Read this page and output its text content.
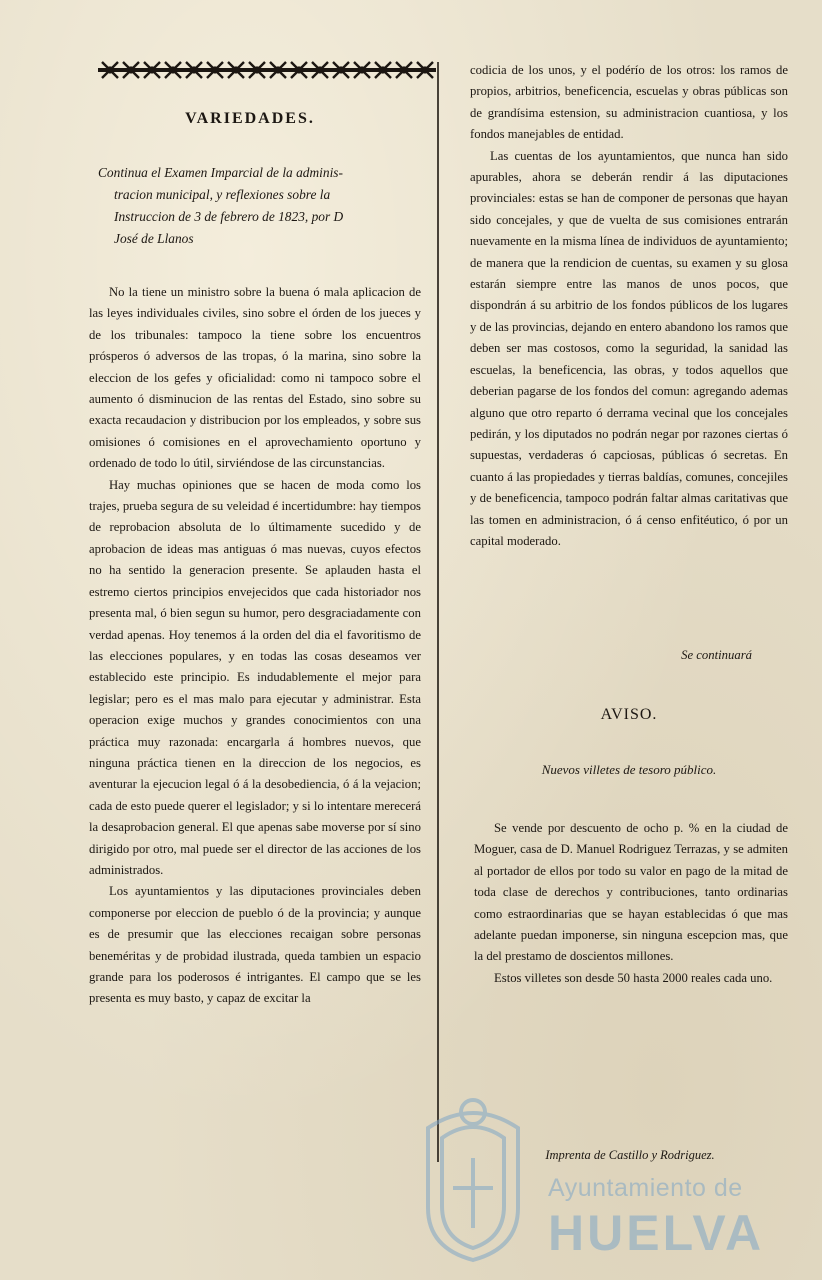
VARIEDADES.
Continua el Examen Imparcial de la adminis-
tracion municipal, y reflexiones sobre la
Instruccion de 3 de febrero de 1823, por D
José de Llanos

No la tiene un ministro sobre la buena ó mala aplicacion de las leyes individuales civiles, sino sobre el órden de los jueces y de los tribunales: tampoco la tiene sobre los encuentros prósperos ó adversos de las tropas, ó la marina, sino sobre la eleccion de los gefes y oficialidad: como ni tampoco sobre el aumento ó disminucion de las rentas del Estado, sino sobre su exacta recaudacion y distribucion por los empleados, y sobre sus omisiones ó comisiones en el aprovechamiento oportuno y ordenado de todo lo útil, sirviéndose de las circunstancias.

Hay muchas opiniones que se hacen de moda como los trajes, prueba segura de su veleidad é incertidumbre: hay tiempos de reprobacion absoluta de lo últimamente sucedido y de aprobacion de ideas mas antiguas ó mas nuevas, cuyos efectos no ha sentido la generacion presente. Se aplauden hasta el estremo ciertos principios envejecidos que cada historiador nos presenta mal, ó bien segun su humor, pero desgraciadamente con verdad apenas. Hoy tenemos á la orden del dia el favoritismo de las elecciones populares, y en todas las cosas deseamos ver establecido este principio. Es indudablemente el mejor para legislar; pero es el mas malo para ejecutar y administrar. Esta operacion exige muchos y grandes conocimientos con una práctica muy razonada: encargarla á hombres nuevos, que ninguna práctica tienen en la direccion de los negocios, es aventurar la ejecucion legal ó á la desobediencia, ó á la vejacion; cada de esto puede querer el legislador; y si lo intentare merecerá la desaprobacion general. El que apenas sabe moverse por sí sino dirigido por otro, mal puede ser el director de las acciones de los administrados.

Los ayuntamientos y las diputaciones provinciales deben componerse por eleccion de pueblo ó de la provincia; y aunque es de presumir que las elecciones recaigan sobre personas beneméritas y de probidad ilustrada, queda tambien un espacio grande para los poderosos é intrigantes. El campo que se les presenta es muy basto, y capaz de excitar la

codicia de los unos, y el podérío de los otros: los ramos de propios, arbitrios, beneficencia, escuelas y obras públicas son de grandísima estension, su administracion cuantiosa, y los fondos manejables de entidad.

Las cuentas de los ayuntamientos, que nunca han sido apurables, ahora se deberán rendir á las diputaciones provinciales: estas se han de componer de personas que hayan sido concejales, y que de vuelta de sus comisiones entrarán nuevamente en la misma línea de individuos de ayuntamiento; de manera que la rendicion de cuentas, su examen y su glosa estarán siempre entre las manos de unos pocos, que dispondrán á su arbitrio de los fondos públicos de los lugares y de las provincias, dejando en entero abandono los ramos que deben ser mas costosos, como la seguridad, la sanidad las escuelas, la beneficencia, las obras, y todos aquellos que deberian pagarse de los fondos del comun: agregando ademas alguno que otro reparto ó derrama vecinal que los concejales pedirán, y los diputados no podrán negar por razones ciertas ó supuestas, verdaderas ó capciosas, públicas ó secretas. En cuanto á las propiedades y tierras baldías, comunes, concejiles y de beneficencia, tampoco podrán faltar almas caritativas que las tomen en administracion, ó á censo enfitéutico, ó por un capital moderado.

Se continuará
AVISO.
Nuevos villetes de tesoro público.

Se vende por descuento de ocho p. % en la ciudad de Moguer, casa de D. Manuel Rodriguez Terrazas, y se admiten al portador de ellos por todo su valor en pago de la mitad de toda clase de derechos y contribuciones, tanto ordinarias como estraordinarias que se hayan establecidas ó que mas adelante puedan imponerse, sin ninguna escepcion mas, que la del prestamo de doscientos millones.

Estos villetes son desde 50 hasta 2000 reales cada uno.

Ayuntamiento de
HUELVA
Imprenta de Castillo y Rodriguez.
